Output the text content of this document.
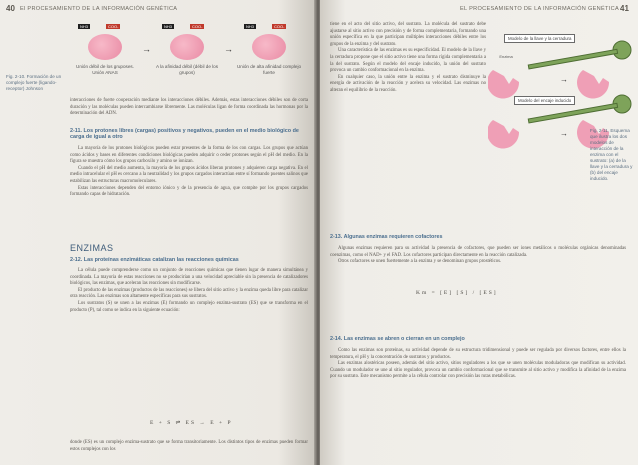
40 El PROCESAMIENTO DE LA INFORMACIÓN GENÉTICA
→	→
NH3	COO-	NH3	COO-	NH3	COO-
Unión débil de los gruposes. Unión ANAS
A la afinidad débil (débil de los grupos)
Unión de alta afinidad complejo fuerte
Fig. 2-10. Formación de un complejo fuerte (ligando-receptor) Johnson

interacciones de fuerte cooperación mediante los interacciones débiles. Además, estas interacciones débiles son de corta duración y las moléculas pueden intercambiarse libremente. Las moléculas ligan de forma coordinada las hormonas por la determinación del ADN.

2-11. Los protones libres (cargas) positivos y negativos, pueden en el medio biológico de carga de igual a otro

La mayoría de los protones biológicos pueden estar presentes de la forma de los con cargas. Los grupos que actúan como ácidos y bases en diferentes condiciones biológicas pueden adquirir o ceder protones según el pH del medio. En la figura se muestra cómo los grupos carboxilo y amino se ionizan.

Cuando el pH del medio aumenta, la mayoría de los grupos ácidos liberan protones y adquieren carga negativa. En el medio intracelular el pH es cercano a la neutralidad y los grupos cargados interactúan entre sí formando puentes salinos que estabilizan las estructuras macromoleculares.

Estas interacciones dependen del entorno iónico y de la presencia de agua, que compite por los grupos cargados formando capas de hidratación.

ENZIMAS
2-12. Las proteínas enzimáticas catalizan las reacciones químicas

La célula puede comprenderse como un conjunto de reacciones químicas que tienen lugar de manera simultánea y coordinada. La mayoría de estas reacciones no se producirían a una velocidad apreciable sin la presencia de catalizadores biológicos, las enzimas, que aceleran las reacciones sin modificarse.

El producto de las enzimas (productos de las reacciones) se libera del sitio activo y la enzima queda libre para catalizar otra reacción. Las enzimas son altamente específicas para sus sustratos.

Los sustratos (S) se unen a las enzimas (E) formando un complejo enzima-sustrato (ES) que se transforma en el producto (P), tal como se indica en la siguiente ecuación:

E + S ⇌ ES → E + P

donde (ES) es un complejo enzima-sustrato que se forma transitoriamente. Los distintos tipos de enzimas pueden formar estos complejos con los

EL PROCESAMIENTO DE LA INFORMACIÓN GENÉTICA 41

tiene en el acto del sitio activo, del sustrato. La molécula del sustrato debe ajustarse al sitio activo con precisión y de forma complementaria, formando una unión específica en la que participan múltiples interacciones débiles entre los grupos de la enzima y del sustrato.

Una característica de las enzimas es su especificidad. El modelo de la llave y la cerradura propone que el sitio activo tiene una forma rígida complementaria a la del sustrato. Según el modelo del encaje inducido, la unión del sustrato provoca un cambio conformacional en la enzima.

En cualquier caso, la unión entre la enzima y el sustrato disminuye la energía de activación de la reacción y acelera su velocidad. Las enzimas no alteran el equilibrio de la reacción.

Modelo de la llave y la cerradura
→
→
Modelo del encaje inducido
Enzima
Fig. 2-11. Esquema que ilustra los dos modelos de interacción de la enzima con el sustrato: (a) de la llave y la cerradura y (b) del encaje inducido.
2-13. Algunas enzimas requieren cofactores

Algunas enzimas requieren para su actividad la presencia de cofactores, que pueden ser iones metálicos o moléculas orgánicas denominadas coenzimas, como el NAD+ y el FAD. Los cofactores participan directamente en la reacción catalizada.

Otros cofactores se unen fuertemente a la enzima y se denominan grupos prostéticos.

Km = [E] [S] / [ES]
2-14. Las enzimas se abren o cierran en un complejo

Como las enzimas son proteínas, su actividad depende de su estructura tridimensional y puede ser regulada por diversos factores, entre ellos la temperatura, el pH y la concentración de sustratos y productos.

Las enzimas alostéricas poseen, además del sitio activo, sitios reguladores a los que se unen moléculas moduladoras que modifican su actividad. Cuando un modulador se une al sitio regulador, provoca un cambio conformacional que se transmite al sitio activo y modifica la afinidad de la enzima por su sustrato. Este mecanismo permite a la célula controlar con precisión las rutas metabólicas.
